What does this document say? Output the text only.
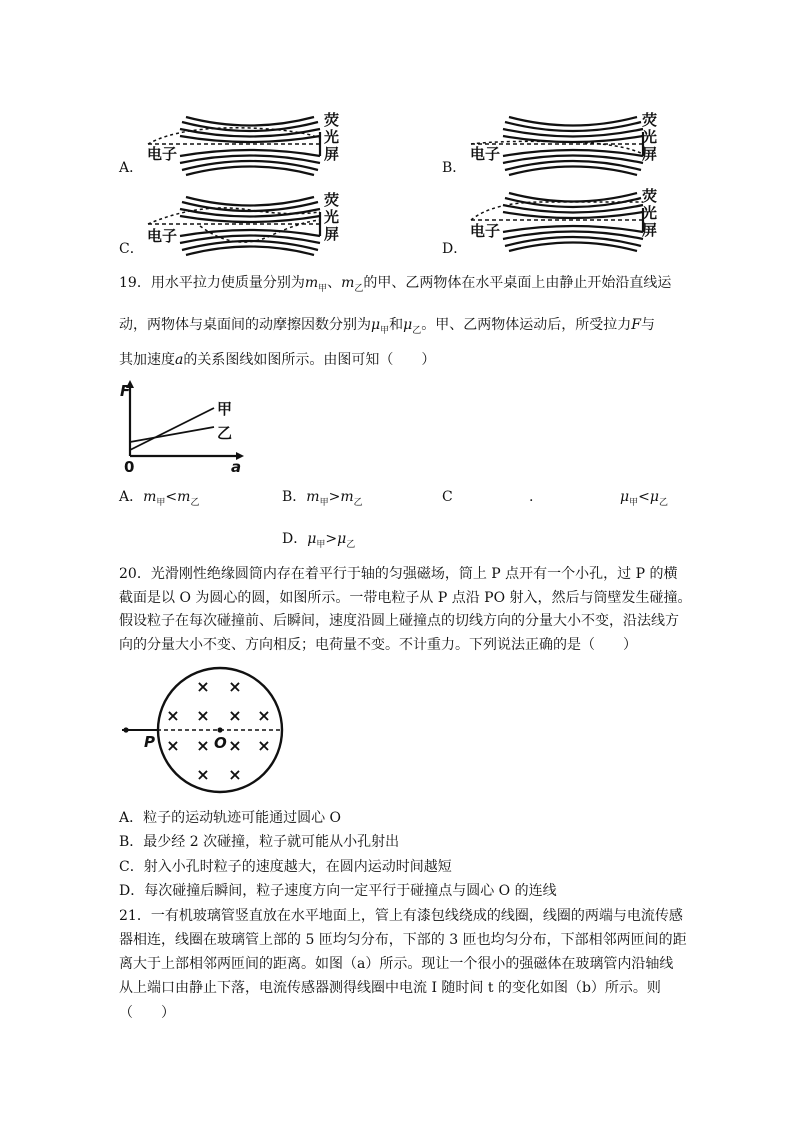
A．
电子
荧
光
屏
B．
电子
荧
光
屏
C．
电子
荧
光
屏
D．
电子
荧
光
屏
19．用水平拉力使质量分别为$m_甲$、$m_乙$的甲、乙两物体在水平桌面上由静止开始沿直线运
动，两物体与桌面间的动摩擦因数分别为$\mu_甲$和$\mu_乙$。甲、乙两物体运动后，所受拉力F与
其加速度a的关系图线如图所示。由图可知（　　）
F
a
0
甲
乙
A．$m_甲<m_乙$	B．$m_甲>m_乙$	C	.	$\mu_甲<\mu_乙$
D．$\mu_甲>\mu_乙$
20．光滑刚性绝缘圆筒内存在着平行于轴的匀强磁场，筒上 P 点开有一个小孔，过 P 的横
截面是以 O 为圆心的圆，如图所示。一带电粒子从 P 点沿 PO 射入，然后与筒壁发生碰撞。
假设粒子在每次碰撞前、后瞬间，速度沿圆上碰撞点的切线方向的分量大小不变，沿法线方
向的分量大小不变、方向相反；电荷量不变。不计重力。下列说法正确的是（　　）
× ×
× × × ×
× × × ×
× ×
P	O
A．粒子的运动轨迹可能通过圆心 O
B．最少经 2 次碰撞，粒子就可能从小孔射出
C．射入小孔时粒子的速度越大，在圆内运动时间越短
D．每次碰撞后瞬间，粒子速度方向一定平行于碰撞点与圆心 O 的连线
21．一有机玻璃管竖直放在水平地面上，管上有漆包线绕成的线圈，线圈的两端与电流传感
器相连，线圈在玻璃管上部的 5 匝均匀分布，下部的 3 匝也均匀分布，下部相邻两匝间的距
离大于上部相邻两匝间的距离。如图（a）所示。现让一个很小的强磁体在玻璃管内沿轴线
从上端口由静止下落，电流传感器测得线圈中电流 I 随时间 t 的变化如图（b）所示。则
（　　）
